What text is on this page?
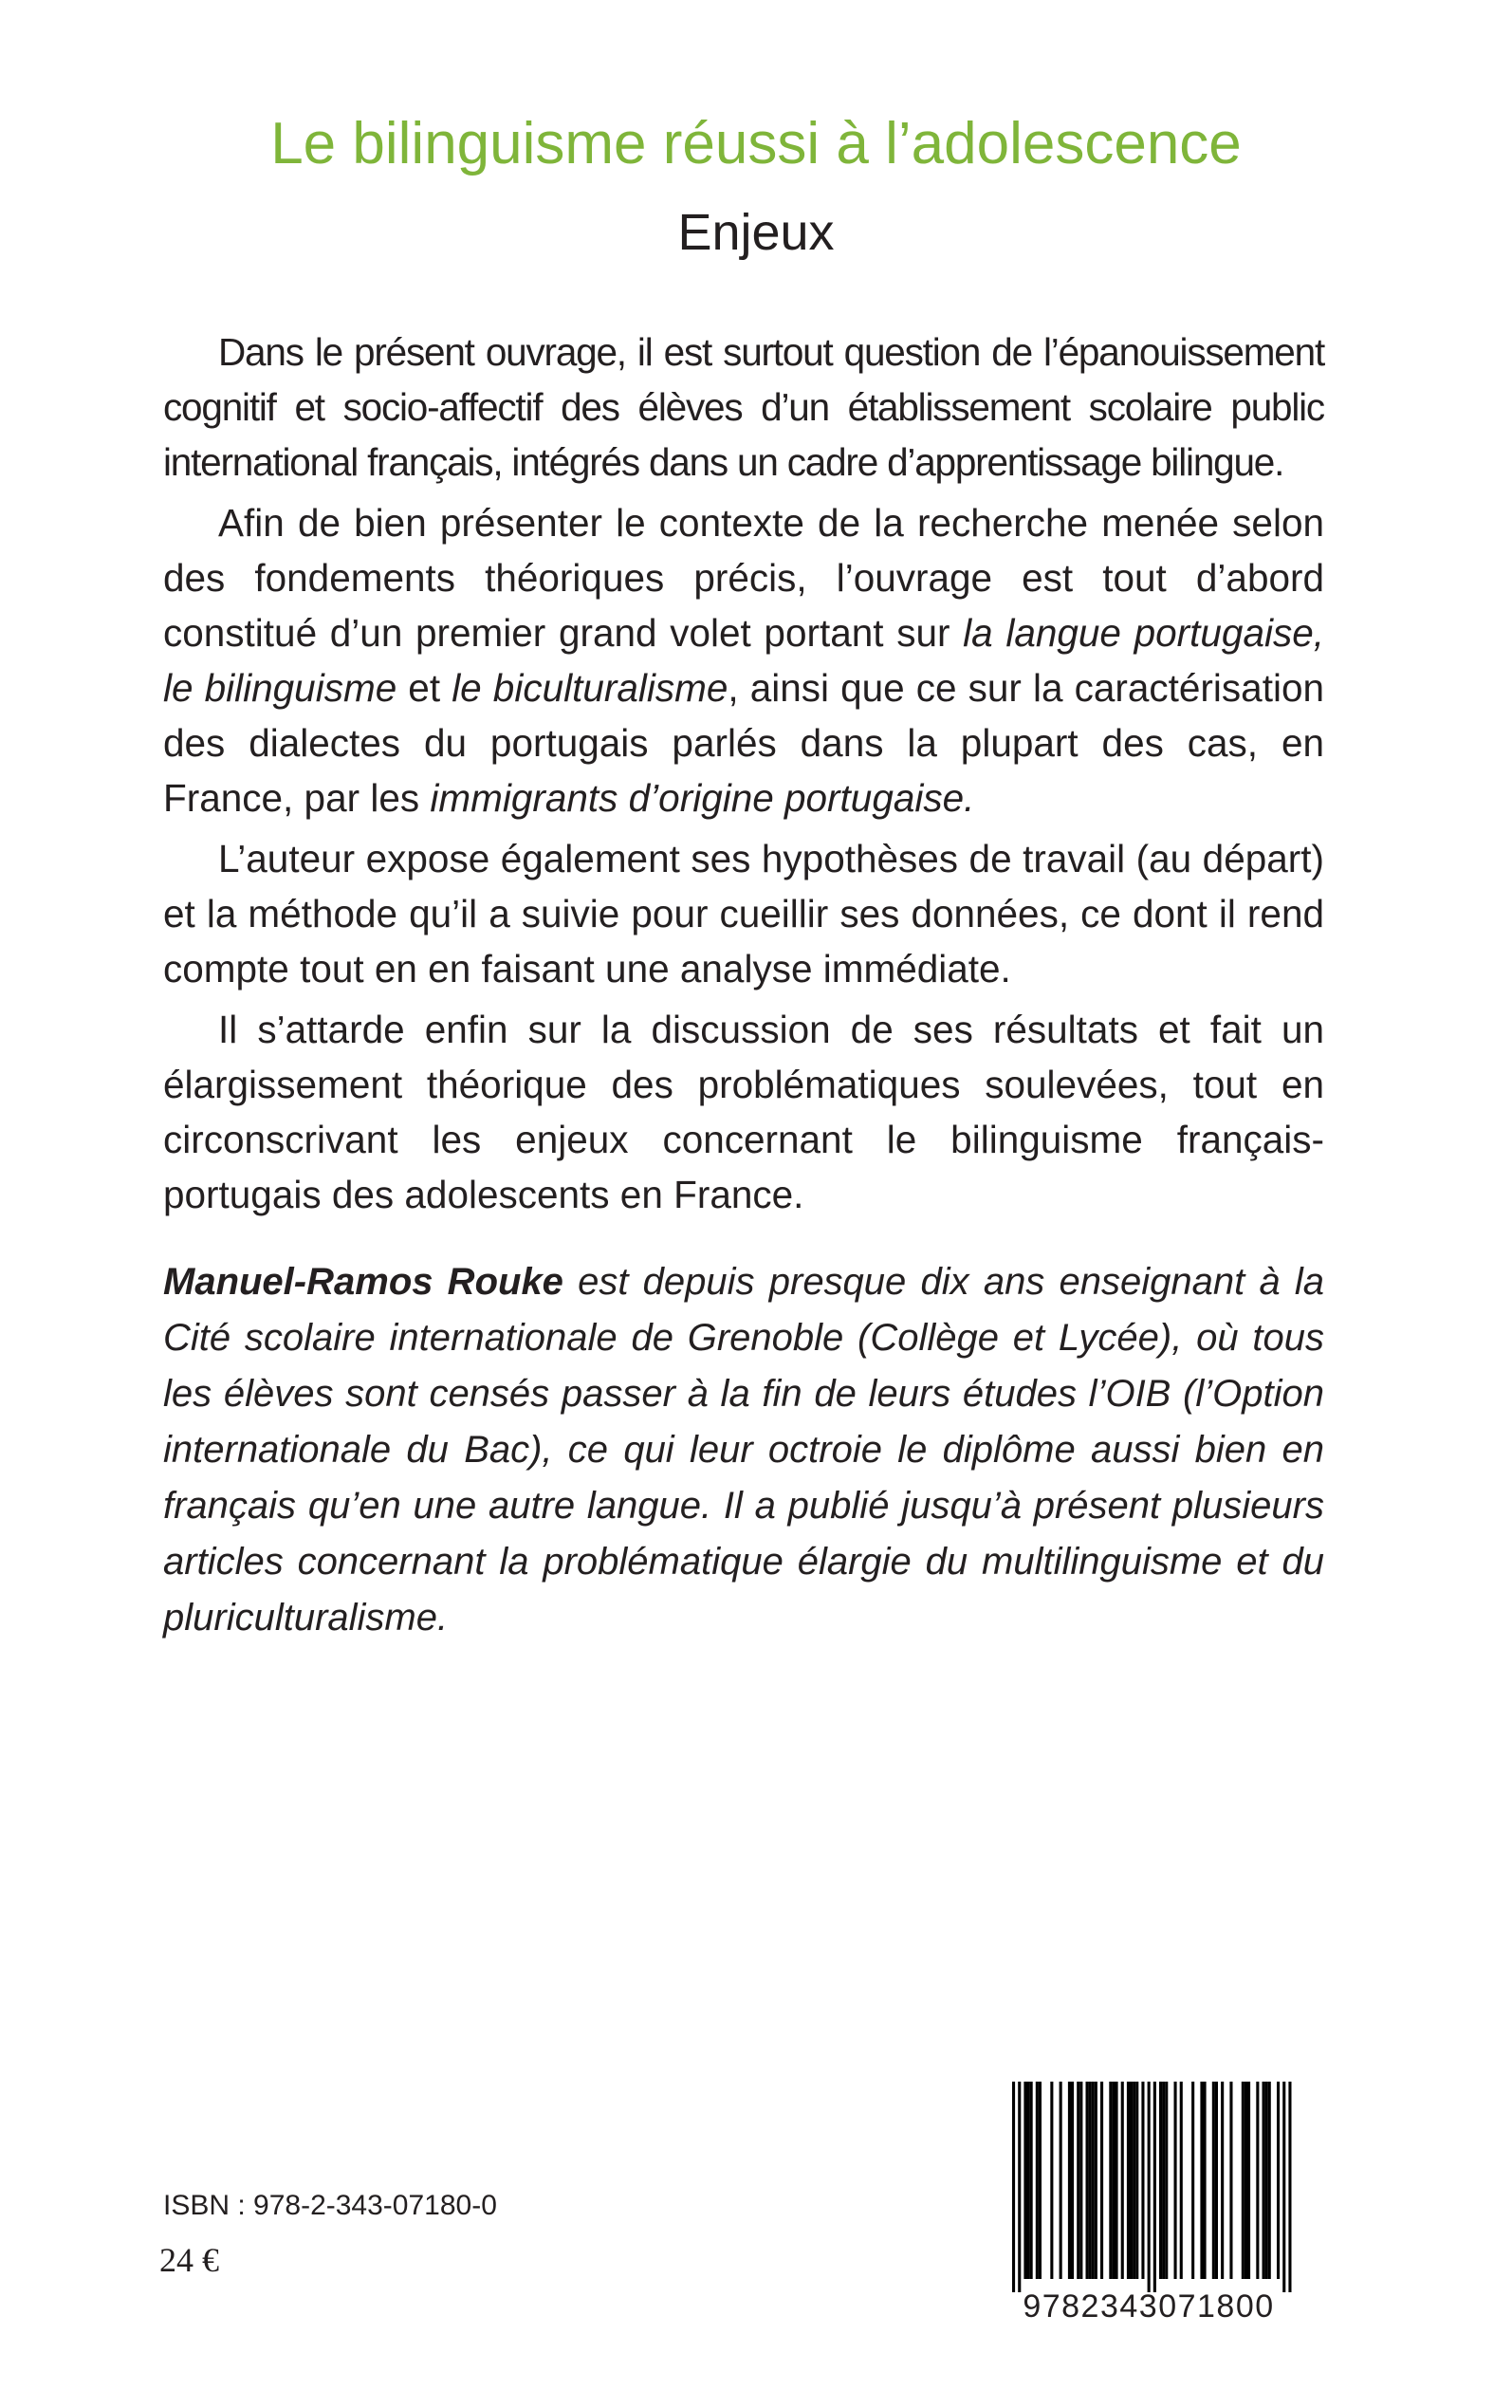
Le bilinguisme réussi à l’adolescence
Enjeux

Dans le présent ouvrage, il est surtout question de l’épanouissement cognitif et socio-affectif des élèves d’un établissement scolaire public international français, intégrés dans un cadre d’apprentissage bilingue.

Afin de bien présenter le contexte de la recherche menée selon des fondements théoriques précis, l’ouvrage est tout d’abord constitué d’un premier grand volet portant sur la langue portugaise, le bilinguisme et le biculturalisme, ainsi que ce sur la caractérisation des dialectes du portugais parlés dans la plupart des cas, en France, par les immigrants d’origine portugaise.

L’auteur expose également ses hypothèses de travail (au départ) et la méthode qu’il a suivie pour cueillir ses données, ce dont il rend compte tout en en faisant une analyse immédiate.

Il s’attarde enfin sur la discussion de ses résultats et fait un élargissement théorique des problématiques soulevées, tout en circonscrivant les enjeux concernant le bilinguisme français-portugais des adolescents en France.

Manuel-Ramos Rouke est depuis presque dix ans enseignant à la Cité scolaire internationale de Grenoble (Collège et Lycée), où tous les élèves sont censés passer à la fin de leurs études l’OIB (l’Option internationale du Bac), ce qui leur octroie le diplôme aussi bien en français qu’en une autre langue. Il a publié jusqu’à présent plusieurs articles concernant la problématique élargie du multilinguisme et du pluriculturalisme.

ISBN : 978-2-343-07180-0
24 €
9782343071800
